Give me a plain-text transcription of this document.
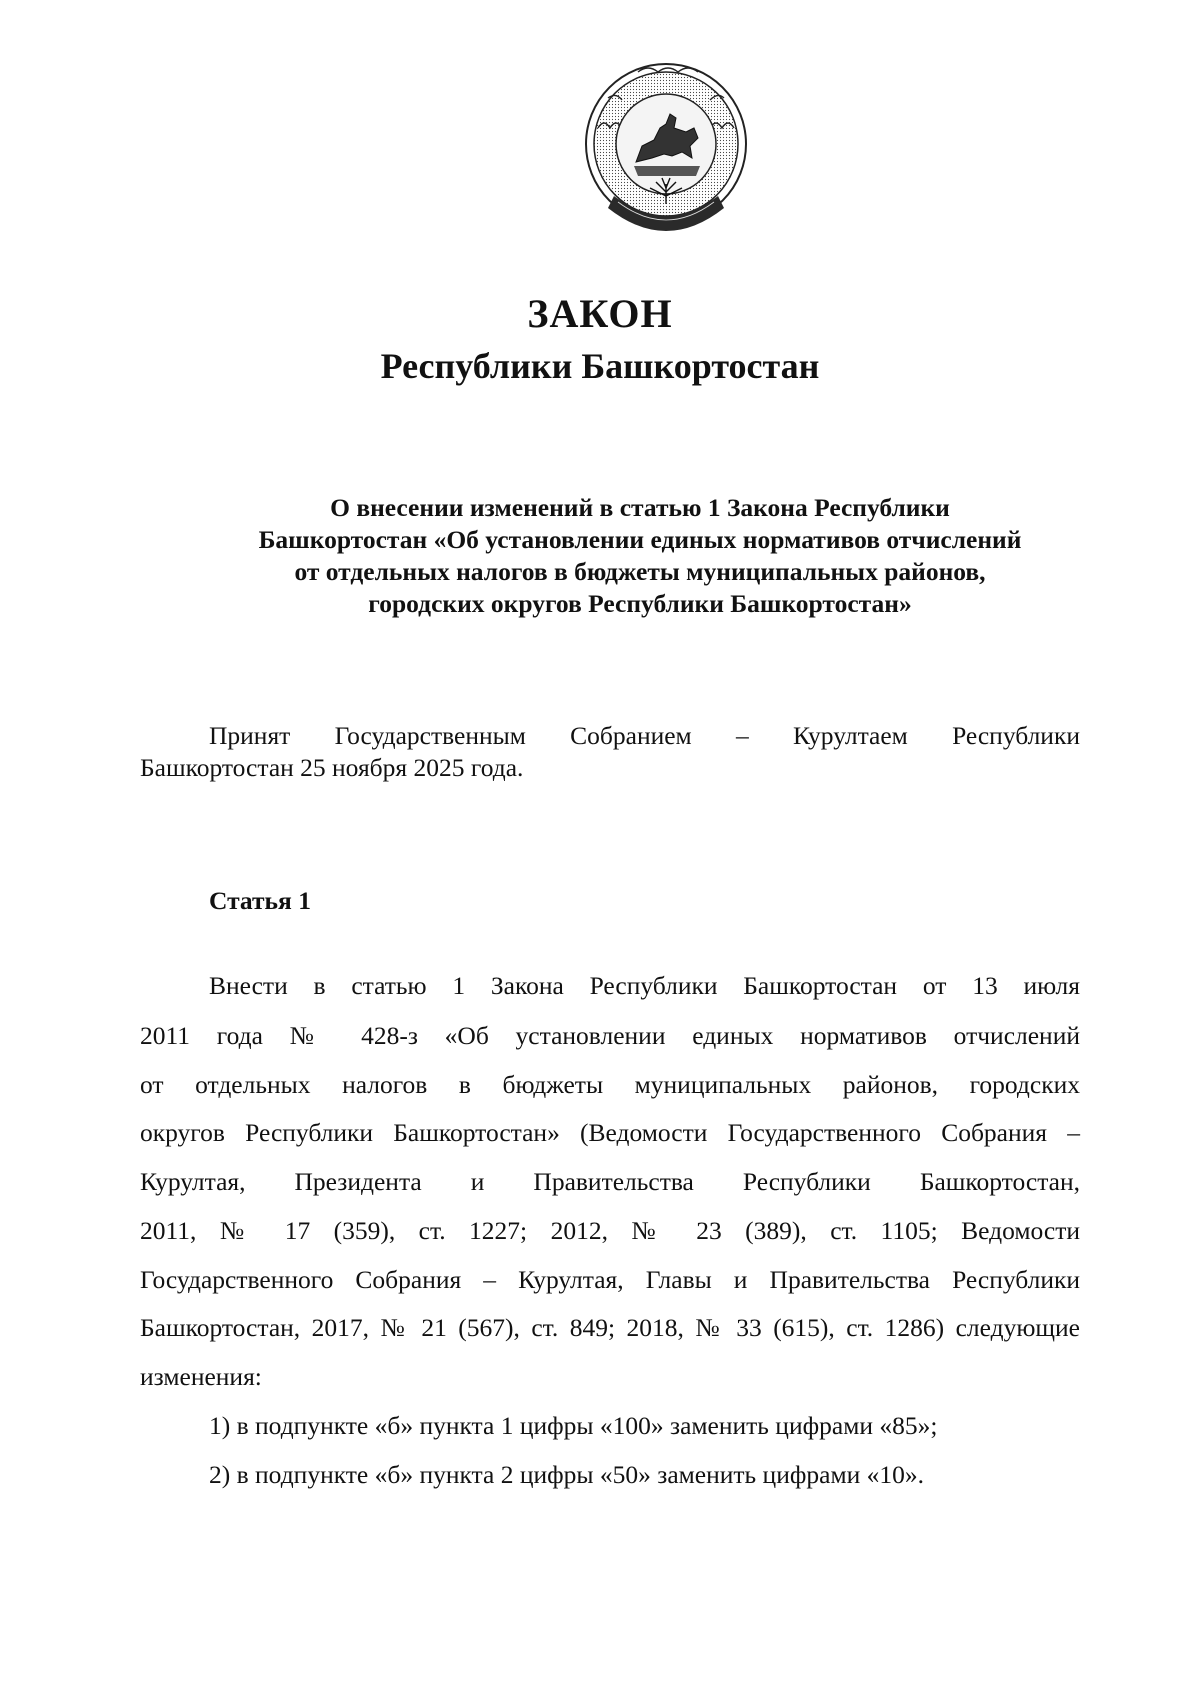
ЗАКОН
Республики Башкортостан
О внесении изменений в статью 1 Закона Республики
Башкортостан «Об установлении единых нормативов отчислений
от отдельных налогов в бюджеты муниципальных районов,
городских округов Республики Башкортостан»
Принят Государственным Собранием – Курултаем Республики
Башкортостан 25 ноября 2025 года.
Статья 1
Внести в статью 1 Закона Республики Башкортостан от 13 июля
2011 года № 428-з «Об установлении единых нормативов отчислений
от отдельных налогов в бюджеты муниципальных районов, городских
округов Республики Башкортостан» (Ведомости Государственного Собрания –
Курултая, Президента и Правительства Республики Башкортостан,
2011, № 17 (359), ст. 1227; 2012, № 23 (389), ст. 1105; Ведомости
Государственного Собрания – Курултая, Главы и Правительства Республики
Башкортостан, 2017, № 21 (567), ст. 849; 2018, № 33 (615), ст. 1286) следующие
изменения:
1) в подпункте «б» пункта 1 цифры «100» заменить цифрами «85»;
2) в подпункте «б» пункта 2 цифры «50» заменить цифрами «10».
